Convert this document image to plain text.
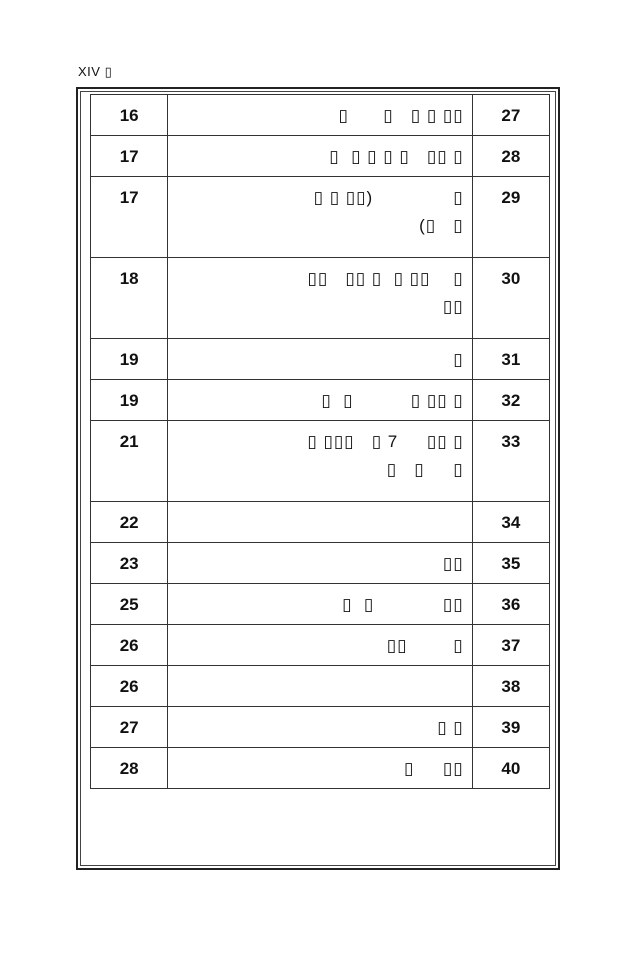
XIV ▯
16	▯      ▯   ▯ ▯ ▯▯	27

17	▯  ▯ ▯ ▯ ▯   ▯▯ ▯	28

17	▯ ▯ ▯▯)              ▯
(▯   ▯	29

18	▯▯   ▯▯ ▯  ▯ ▯▯    ▯
▯▯	30

19	▯	31

19	▯  ▯          ▯ ▯▯ ▯	32

21	▯ ▯▯▯   ▯ 7     ▯▯ ▯
▯   ▯     ▯	33

22		34

23	▯▯	35

25	▯  ▯            ▯▯	36

26	▯▯        ▯	37

26		38

27	▯ ▯	39

28	▯     ▯▯	40
